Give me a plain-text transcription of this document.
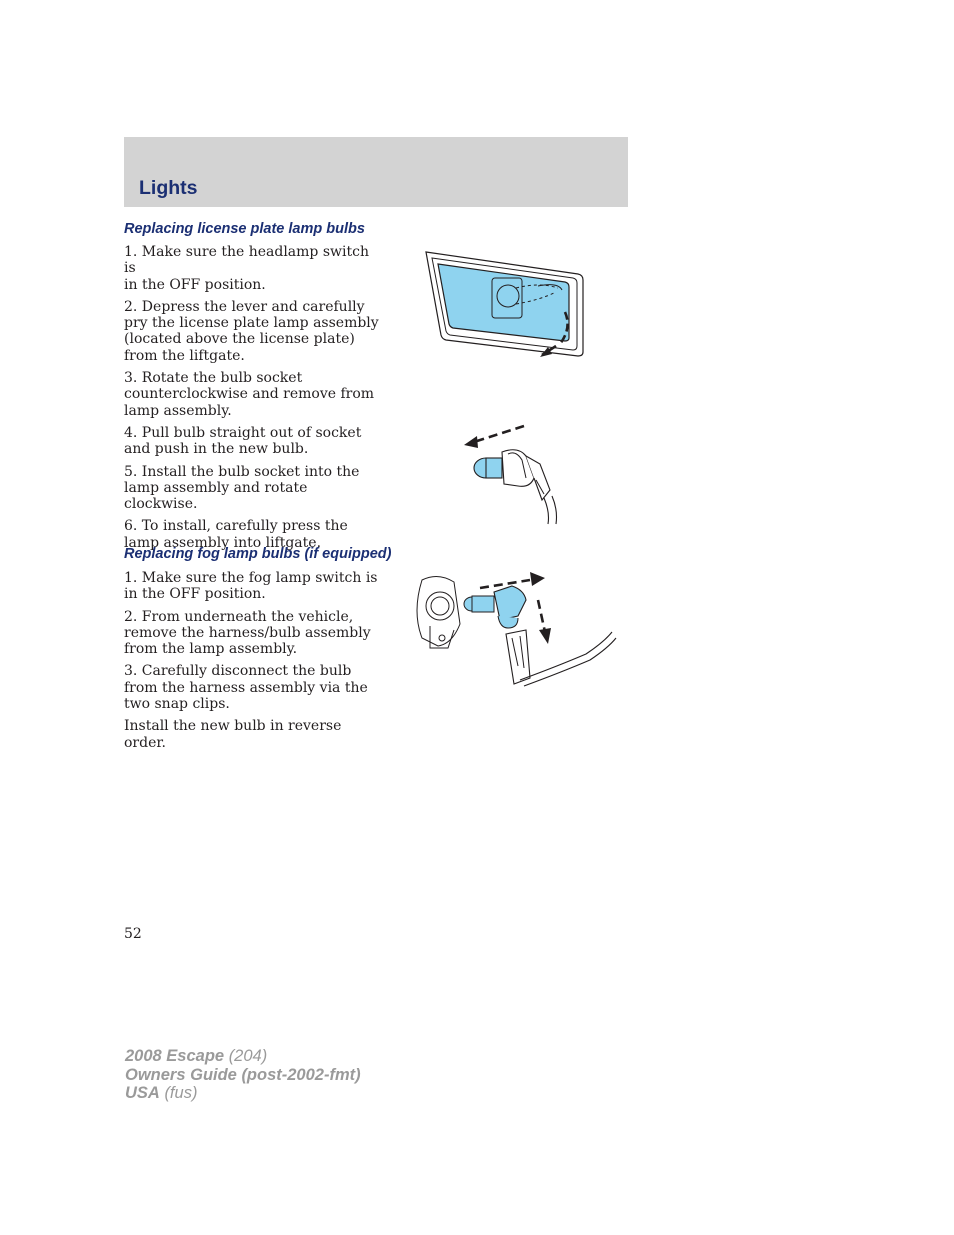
Lights
Replacing license plate lamp bulbs

1. Make sure the headlamp switch is
in the OFF position.

2. Depress the lever and carefully
pry the license plate lamp assembly
(located above the license plate)
from the liftgate.

3. Rotate the bulb socket
counterclockwise and remove from
lamp assembly.

4. Pull bulb straight out of socket
and push in the new bulb.

5. Install the bulb socket into the
lamp assembly and rotate clockwise.

6. To install, carefully press the
lamp assembly into liftgate.

Replacing fog lamp bulbs (if equipped)

1. Make sure the fog lamp switch is
in the OFF position.

2. From underneath the vehicle,
remove the harness/bulb assembly
from the lamp assembly.

3. Carefully disconnect the bulb
from the harness assembly via the
two snap clips.

Install the new bulb in reverse order.

52
2008 Escape (204)
Owners Guide (post-2002-fmt)
USA (fus)
